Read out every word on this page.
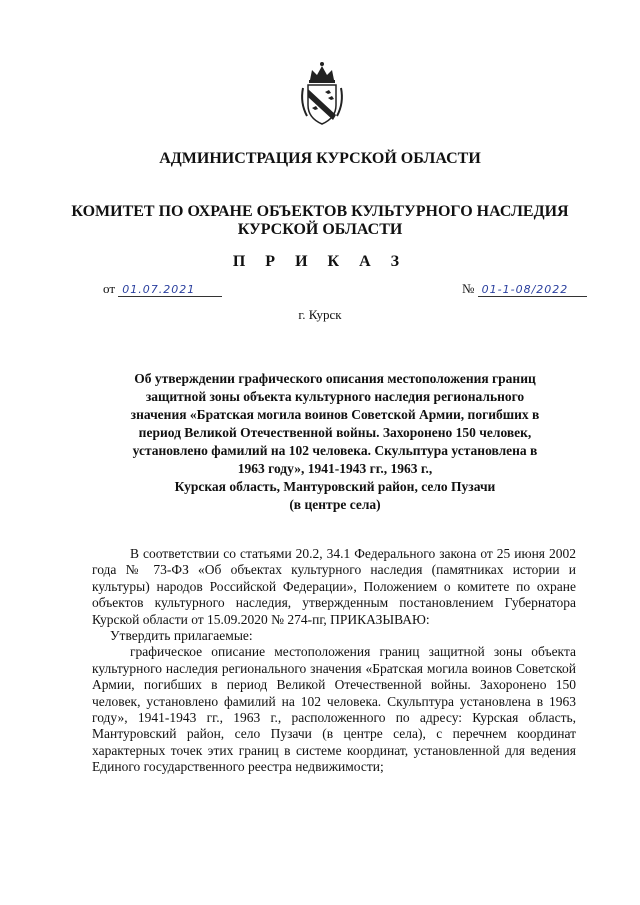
АДМИНИСТРАЦИЯ КУРСКОЙ ОБЛАСТИ
КОМИТЕТ ПО ОХРАНЕ ОБЪЕКТОВ КУЛЬТУРНОГО НАСЛЕДИЯ
КУРСКОЙ ОБЛАСТИ
П Р И К А З
от 01.07.2021	№ 01-1-08/2022
г. Курск

Об утверждении графического описания местоположения границ

защитной зоны объекта культурного наследия регионального

значения «Братская могила воинов Советской Армии, погибших в

период Великой Отечественной войны. Захоронено 150 человек,

установлено фамилий на 102 человека. Скульптура установлена в

1963 году», 1941-1943 гг., 1963 г.,

Курская область, Мантуровский район, село Пузачи

(в центре села)

В соответствии со статьями 20.2, 34.1 Федерального закона от 25 июня 2002 года № 73-ФЗ «Об объектах культурного наследия (памятниках истории и культуры) народов Российской Федерации», Положением о комитете по охране объектов культурного наследия, утвержденным постановлением Губернатора Курской области от 15.09.2020 № 274-пг, ПРИКАЗЫВАЮ:

Утвердить прилагаемые:

графическое описание местоположения границ защитной зоны объекта культурного наследия регионального значения «Братская могила воинов Советской Армии, погибших в период Великой Отечественной войны. Захоронено 150 человек, установлено фамилий на 102 человека. Скульптура установлена в 1963 году», 1941-1943 гг., 1963 г., расположенного по адресу: Курская область, Мантуровский район, село Пузачи (в центре села), с перечнем координат характерных точек этих границ в системе координат, установленной для ведения Единого государственного реестра недвижимости;
